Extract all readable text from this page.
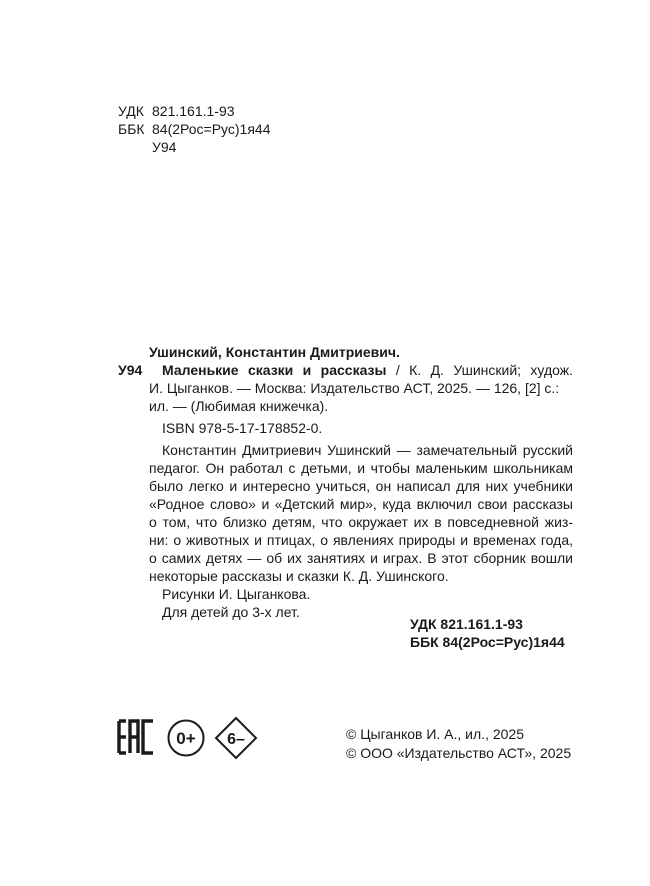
УДК 821.161.1-93
ББК 84(2Рос=Рус)1я44
У94
У94
Ушинский, Константин Дмитриевич.
Маленькие сказки и рассказы / К. Д. Ушинский; худож.
И. Цыганков. — Москва: Издательство АСТ, 2025. — 126, [2] с.:
ил. — (Любимая книжечка).
ISBN 978-5-17-178852-0.
Константин Дмитриевич Ушинский — замечательный русский
педагог. Он работал с детьми, и чтобы маленьким школьникам
было легко и интересно учиться, он написал для них учебники
«Родное слово» и «Детский мир», куда включил свои рассказы
о том, что близко детям, что окружает их в повседневной жиз-
ни: о животных и птицах, о явлениях природы и временах года,
о самих детях — об их занятиях и играх. В этот сборник вошли
некоторые рассказы и сказки К. Д. Ушинского.
Рисунки И. Цыганкова.
Для детей до 3-х лет.
УДК 821.161.1-93
ББК 84(2Рос=Рус)1я44
0+ 6–	© Цыганков И. А., ил., 2025
© ООО «Издательство АСТ», 2025
